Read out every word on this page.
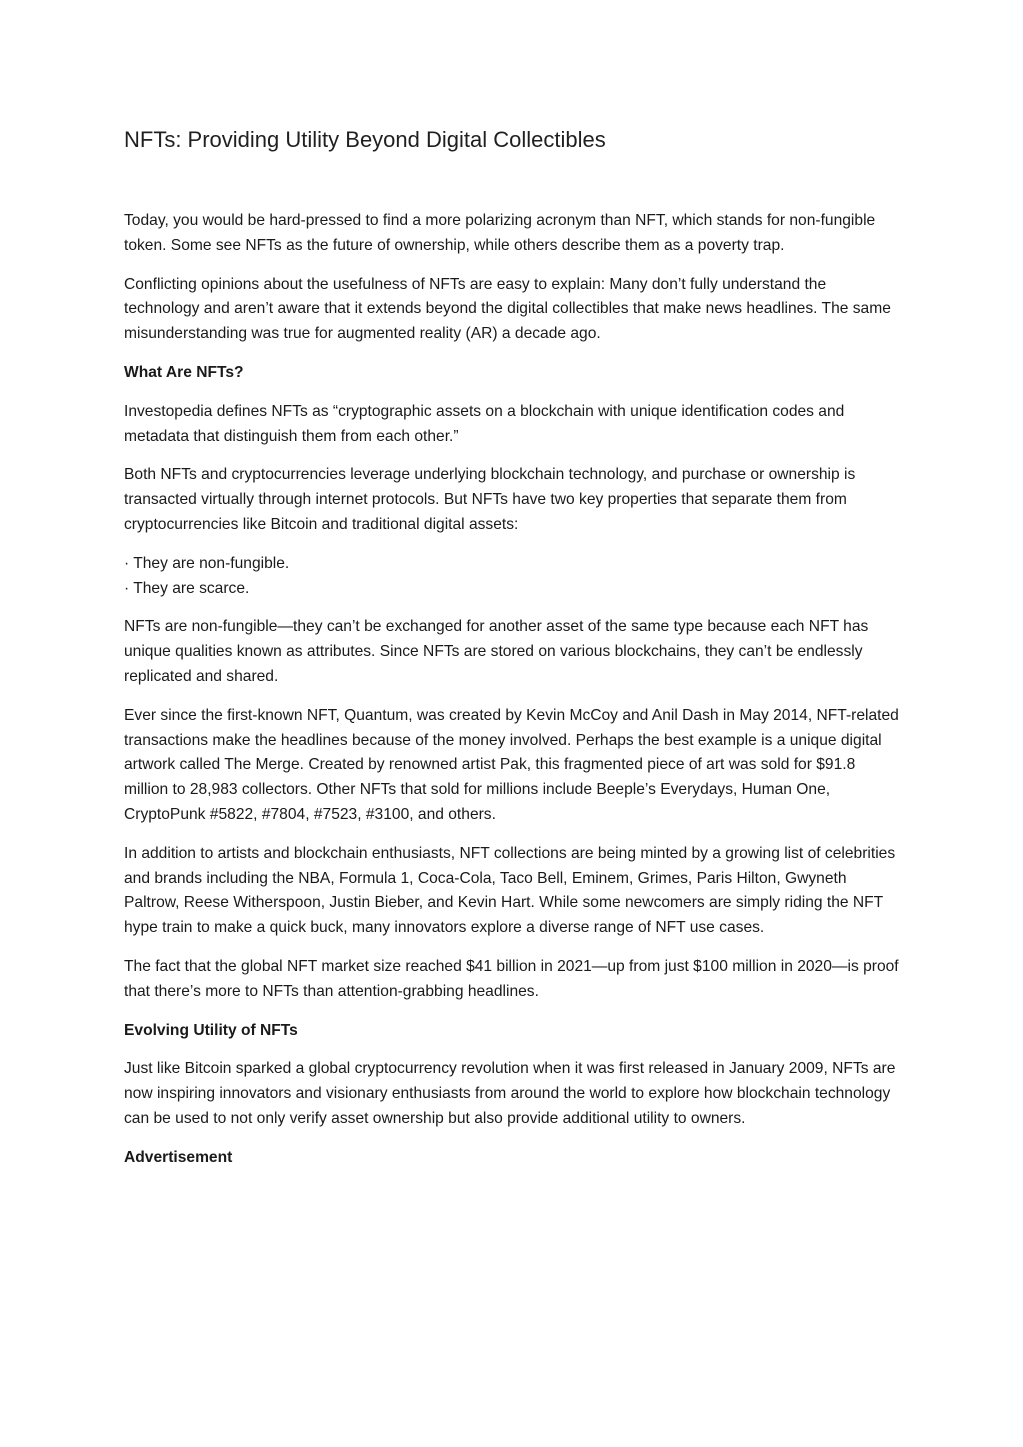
NFTs: Providing Utility Beyond Digital Collectibles

Today, you would be hard-pressed to find a more polarizing acronym than NFT, which stands for non-fungible token. Some see NFTs as the future of ownership, while others describe them as a poverty trap.

Conflicting opinions about the usefulness of NFTs are easy to explain: Many don’t fully understand the technology and aren’t aware that it extends beyond the digital collectibles that make news headlines. The same misunderstanding was true for augmented reality (AR) a decade ago.

What Are NFTs?

Investopedia defines NFTs as “cryptographic assets on a blockchain with unique identification codes and metadata that distinguish them from each other.”

Both NFTs and cryptocurrencies leverage underlying blockchain technology, and purchase or ownership is transacted virtually through internet protocols. But NFTs have two key properties that separate them from cryptocurrencies like Bitcoin and traditional digital assets:

· They are non-fungible.
· They are scarce.

NFTs are non-fungible—they can’t be exchanged for another asset of the same type because each NFT has unique qualities known as attributes. Since NFTs are stored on various blockchains, they can’t be endlessly replicated and shared.

Ever since the first-known NFT, Quantum, was created by Kevin McCoy and Anil Dash in May 2014, NFT-related transactions make the headlines because of the money involved. Perhaps the best example is a unique digital artwork called The Merge. Created by renowned artist Pak, this fragmented piece of art was sold for $91.8 million to 28,983 collectors. Other NFTs that sold for millions include Beeple’s Everydays, Human One, CryptoPunk #5822, #7804, #7523, #3100, and others.

In addition to artists and blockchain enthusiasts, NFT collections are being minted by a growing list of celebrities and brands including the NBA, Formula 1, Coca-Cola, Taco Bell, Eminem, Grimes, Paris Hilton, Gwyneth Paltrow, Reese Witherspoon, Justin Bieber, and Kevin Hart. While some newcomers are simply riding the NFT hype train to make a quick buck, many innovators explore a diverse range of NFT use cases.

The fact that the global NFT market size reached $41 billion in 2021—up from just $100 million in 2020—is proof that there’s more to NFTs than attention-grabbing headlines.

Evolving Utility of NFTs

Just like Bitcoin sparked a global cryptocurrency revolution when it was first released in January 2009, NFTs are now inspiring innovators and visionary enthusiasts from around the world to explore how blockchain technology can be used to not only verify asset ownership but also provide additional utility to owners.

Advertisement
